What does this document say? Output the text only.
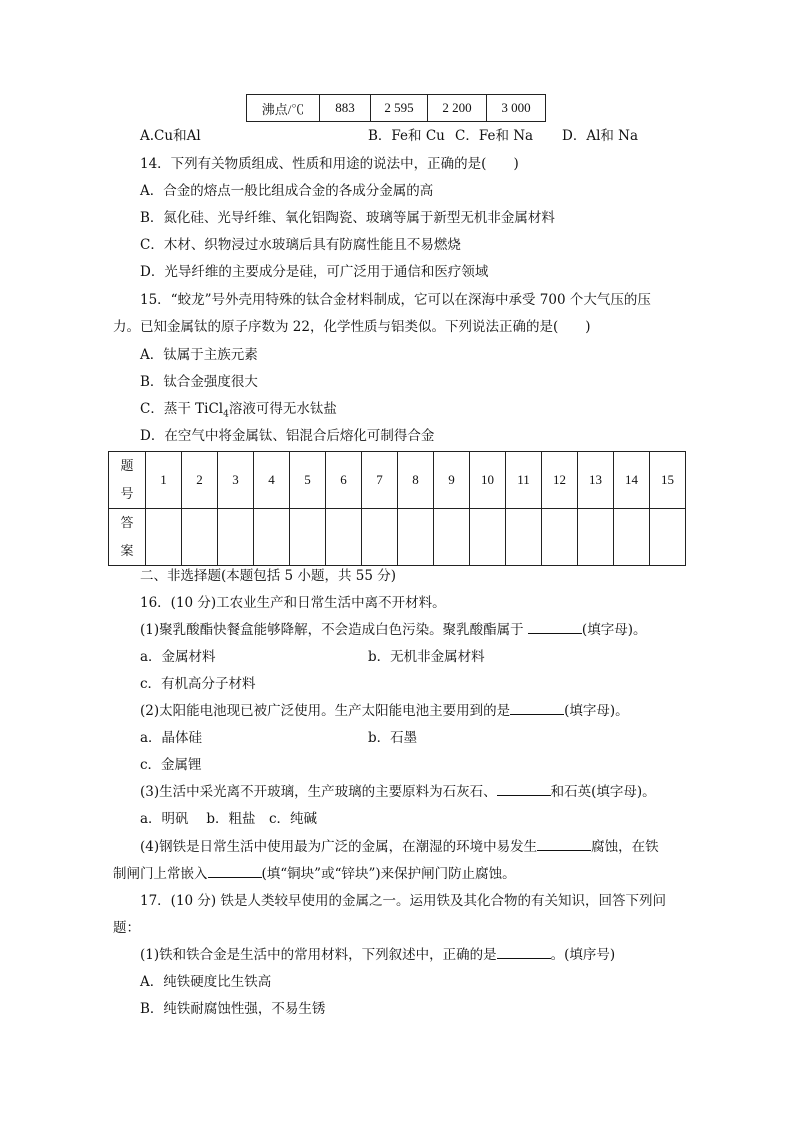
沸点/℃	883	2 595	2 200	3 000
A.Cu和Al	B．Fe和 Cu C．Fe和 Na D．Al和 Na
14．下列有关物质组成、性质和用途的说法中，正确的是(　　)
A．合金的熔点一般比组成合金的各成分金属的高
B．氮化硅、光导纤维、氧化铝陶瓷、玻璃等属于新型无机非金属材料
C．木材、织物浸过水玻璃后具有防腐性能且不易燃烧
D．光导纤维的主要成分是硅，可广泛用于通信和医疗领域
15．“蛟龙”号外壳用特殊的钛合金材料制成，它可以在深海中承受 700 个大气压的压
力。已知金属钛的原子序数为 22，化学性质与铝类似。下列说法正确的是(　　)
A．钛属于主族元素
B．钛合金强度很大
C．蒸干 TiCl$_4$溶液可得无水钛盐
D．在空气中将金属钛、铝混合后熔化可制得合金
题
号	1	2	3	4	5	6	7	8	9	10	11	12	13	14	15

答
案															

二、非选择题(本题包括 5 小题，共 55 分)
16．(10 分)工农业生产和日常生活中离不开材料。
(1)聚乳酸酯快餐盒能够降解，不会造成白色污染。聚乳酸酯属于	(填字母)。
a．金属材料	b．无机非金属材料
c．有机高分子材料
(2)太阳能电池现已被广泛使用。生产太阳能电池主要用到的是	(填字母)。
a．晶体硅	b．石墨
c．金属锂
(3)生活中采光离不开玻璃，生产玻璃的主要原料为石灰石、	和石英(填字母)。
a．明矾　 b．粗盐　c．纯碱
(4)钢铁是日常生活中使用最为广泛的金属，在潮湿的环境中易发生	腐蚀，在铁
制闸门上常嵌入	(填“铜块”或“锌块”)来保护闸门防止腐蚀。
17．(10 分) 铁是人类较早使用的金属之一。运用铁及其化合物的有关知识，回答下列问
题：
(1)铁和铁合金是生活中的常用材料，下列叙述中，正确的是	。(填序号)
A．纯铁硬度比生铁高
B．纯铁耐腐蚀性强，不易生锈
